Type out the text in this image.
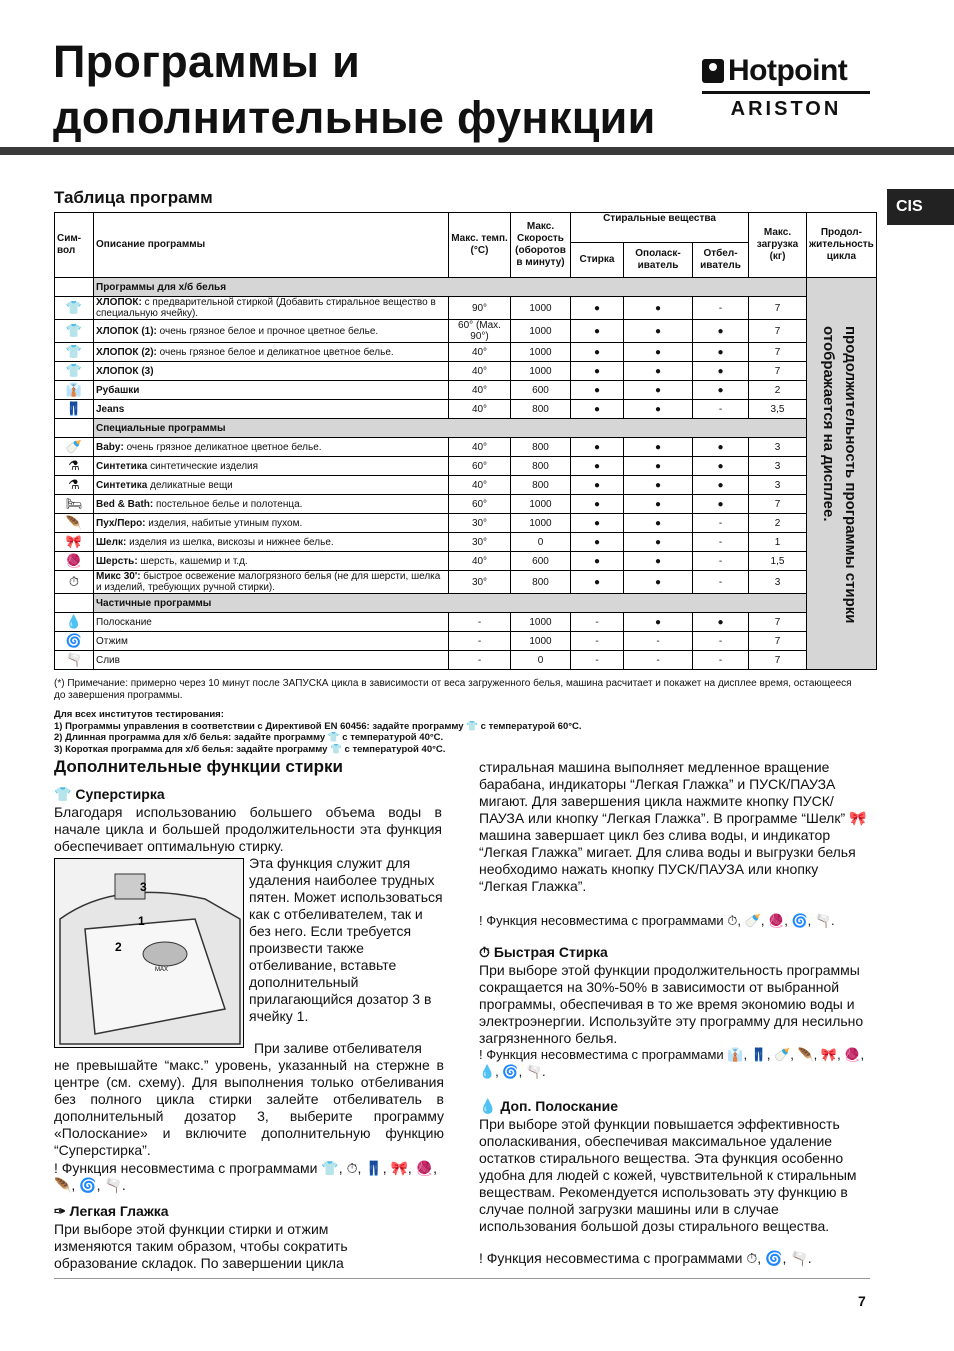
Программы и
дополнительные функции
Hotpoint
ARISTON
CIS
Таблица программ
Сим-вол	Описание программы	Макс. темп. (°С)	Макс. Скорость (оборотов в минуту)	Стиральные вещества			Макс. загрузка (кг)	Продол-жительность цикла
				Стирка	Ополаск-иватель	Отбел-иватель		
	Программы для х/б белья							продолжительность программы стирки отображается на дисплее.

👕	ХЛОПОК: с предварительной стиркой (Добавить стиральное вещество в специальную ячейку).	90°	1000	●	●	-	7	
👕	ХЛОПОК (1): очень грязное белое и прочное цветное белье.	60° (Max. 90°)	1000	●	●	●	7	
👕	ХЛОПОК (2): очень грязное белое и деликатное цветное белье.	40°	1000	●	●	●	7	
👕	ХЛОПОК (3)	40°	1000	●	●	●	7	
👔	Рубашки	40°	600	●	●	●	2	
👖	Jeans	40°	800	●	●	-	3,5	
	Специальные программы							
🍼	Baby: очень грязное деликатное цветное белье.	40°	800	●	●	●	3	
⚗	Синтетика синтетические изделия	60°	800	●	●	●	3	
⚗	Синтетика деликатные вещи	40°	800	●	●	●	3	
🛏	Bed & Bath: постельное белье и полотенца.	60°	1000	●	●	●	7	
🪶	Пух/Перо: изделия, набитые утиным пухом.	30°	1000	●	●	-	2	
🎀	Шелк: изделия из шелка, вискозы и нижнее белье.	30°	0	●	●	-	1	
🧶	Шерсть: шерсть, кашемир и т.д.	40°	600	●	●	-	1,5	
⏱	Микс 30': быстрое освежение малогрязного белья (не для шерсти, шелка и изделий, требующих ручной стирки).	30°	800	●	●	-	3	
	Частичные программы							
💧	Полоскание	-	1000	-	●	●	7	
🌀	Отжим	-	1000	-	-	-	7	
🫗	Слив	-	0	-	-	-	7	
(*) Примечание: примерно через 10 минут после ЗАПУСКА цикла в зависимости от веса загруженного белья, машина расчитает и покажет на дисплее время, остающееся до завершения программы.
Для всех институтов тестирования:
1) Программы управления в соответствии с Директивой EN 60456: задайте программу 👕 с температурой 60°С.
2) Длинная программа для х/б белья: задайте программу 👕 с температурой 40°С.
3) Короткая программа для х/б белья: задайте программу 👕 с температурой 40°С.
Дополнительные функции стирки
👕 Суперстирка
Благодаря использованию большего объема воды в начале цикла и большей продолжительности эта функция обеспечивает оптимальную стирку.
3
1
2
MAX
Эта функция служит для удаления наиболее трудных пятен. Может использоваться как с отбеливателем, так и без него. Если требуется произвести также отбеливание, вставьте дополнительный прилагающийся дозатор 3 в ячейку 1.
При заливе отбеливателя
не превышайте “макс.” уровень, указанный на стержне в центре (см. схему). Для выполнения только отбеливания без полного цикла стирки залейте отбеливатель в дополнительный дозатор 3, выберите программу «Полоскание» и включите дополнительную функцию “Суперстирка”.
! Функция несовместима с программами 👕, ⏱, 👖, 🎀, 🧶, 🪶, 🌀, 🫗.
✑ Легкая Глажка
При выборе этой функции стирки и отжим изменяются таким образом, чтобы сократить образование складок. По завершении цикла
стиральная машина выполняет медленное вращение барабана, индикаторы “Легкая Глажка” и ПУСК/ПАУЗА мигают. Для завершения цикла нажмите кнопку ПУСК/ПАУЗА или кнопку “Легкая Глажка”. В программе “Шелк” 🎀 машина завершает цикл без слива воды, и индикатор “Легкая Глажка” мигает. Для слива воды и выгрузки белья необходимо нажать кнопку ПУСК/ПАУЗА или кнопку “Легкая Глажка”.
! Функция несовместима с программами ⏱, 🍼, 🧶, 🌀, 🫗.
⏱ Быстрая Стирка
При выборе этой функции продолжительность программы сокращается на 30%-50% в зависимости от выбранной программы, обеспечивая в то же время экономию воды и электроэнергии. Используйте эту программу для несильно загрязненного белья.
! Функция несовместима с программами 👔, 👖, 🍼, 🪶, 🎀, 🧶, 💧, 🌀, 🫗.
💧 Доп. Полоскание
При выборе этой функции повышается эффективность ополаскивания, обеспечивая максимальное удаление остатков стирального вещества. Эта функция особенно удобна для людей с кожей, чувствительной к стиральным веществам. Рекомендуется использовать эту функцию в случае полной загрузки машины или в случае использования большой дозы стирального вещества.
! Функция несовместима с программами ⏱, 🌀, 🫗.
7
